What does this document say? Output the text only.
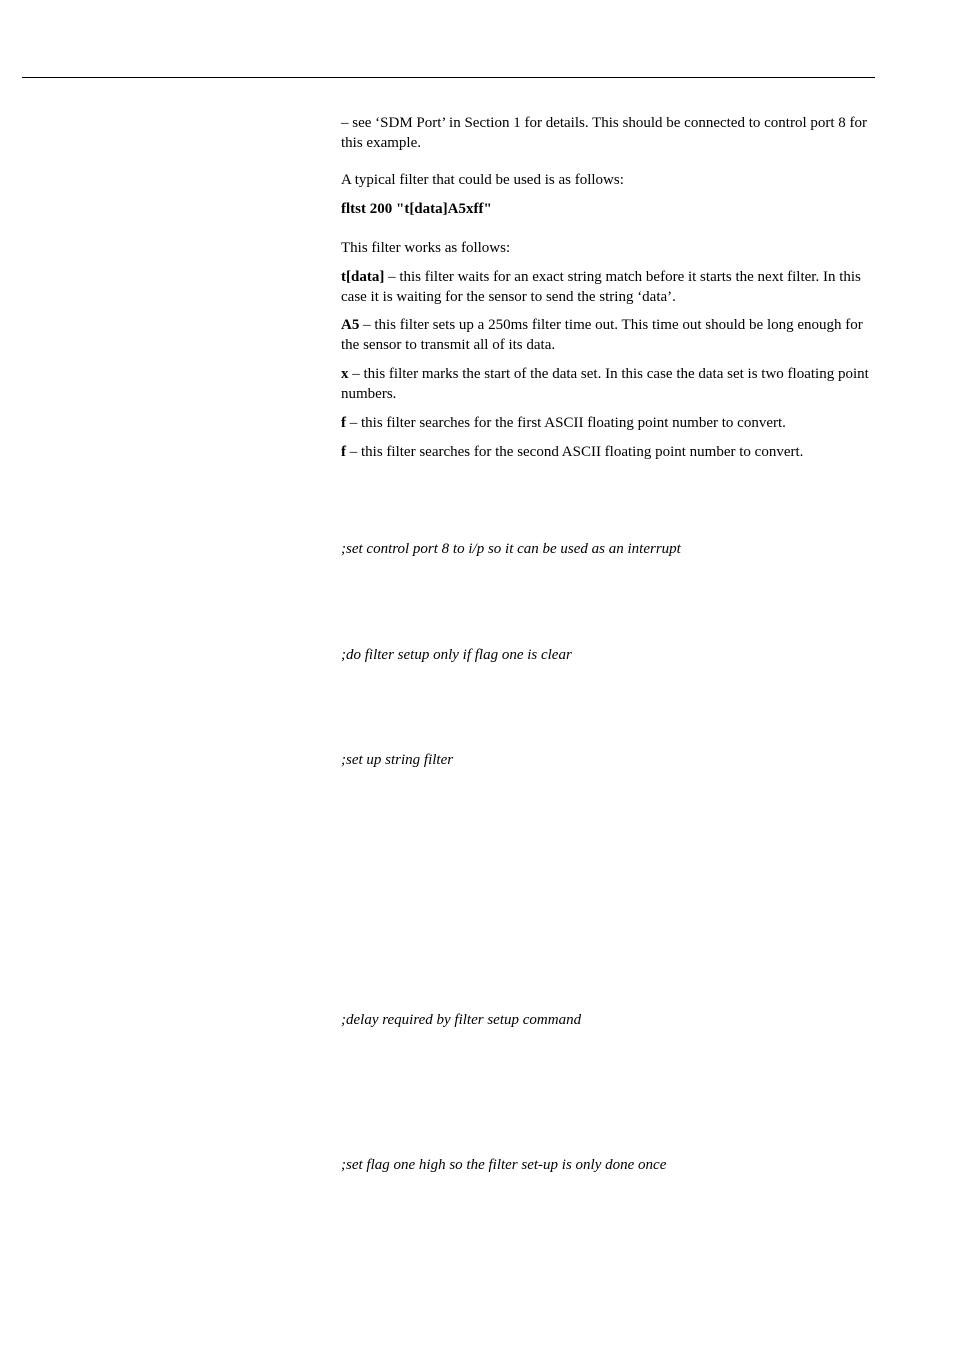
– see ‘SDM Port’ in Section 1 for details. This should be connected to control port 8 for this example.

A typical filter that could be used is as follows:

fltst 200 "t[data]A5xff"

This filter works as follows:

t[data] – this filter waits for an exact string match before it starts the next filter. In this case it is waiting for the sensor to send the string ‘data’.

A5 – this filter sets up a 250ms filter time out. This time out should be long enough for the sensor to transmit all of its data.

x – this filter marks the start of the data set. In this case the data set is two floating point numbers.

f – this filter searches for the first ASCII floating point number to convert.

f – this filter searches for the second ASCII floating point number to convert.

;set control port 8 to i/p so it can be used as an interrupt

;do filter setup only if flag one is clear

;set up string filter

;delay required by filter setup command

;set flag one high so the filter set-up is only done once
